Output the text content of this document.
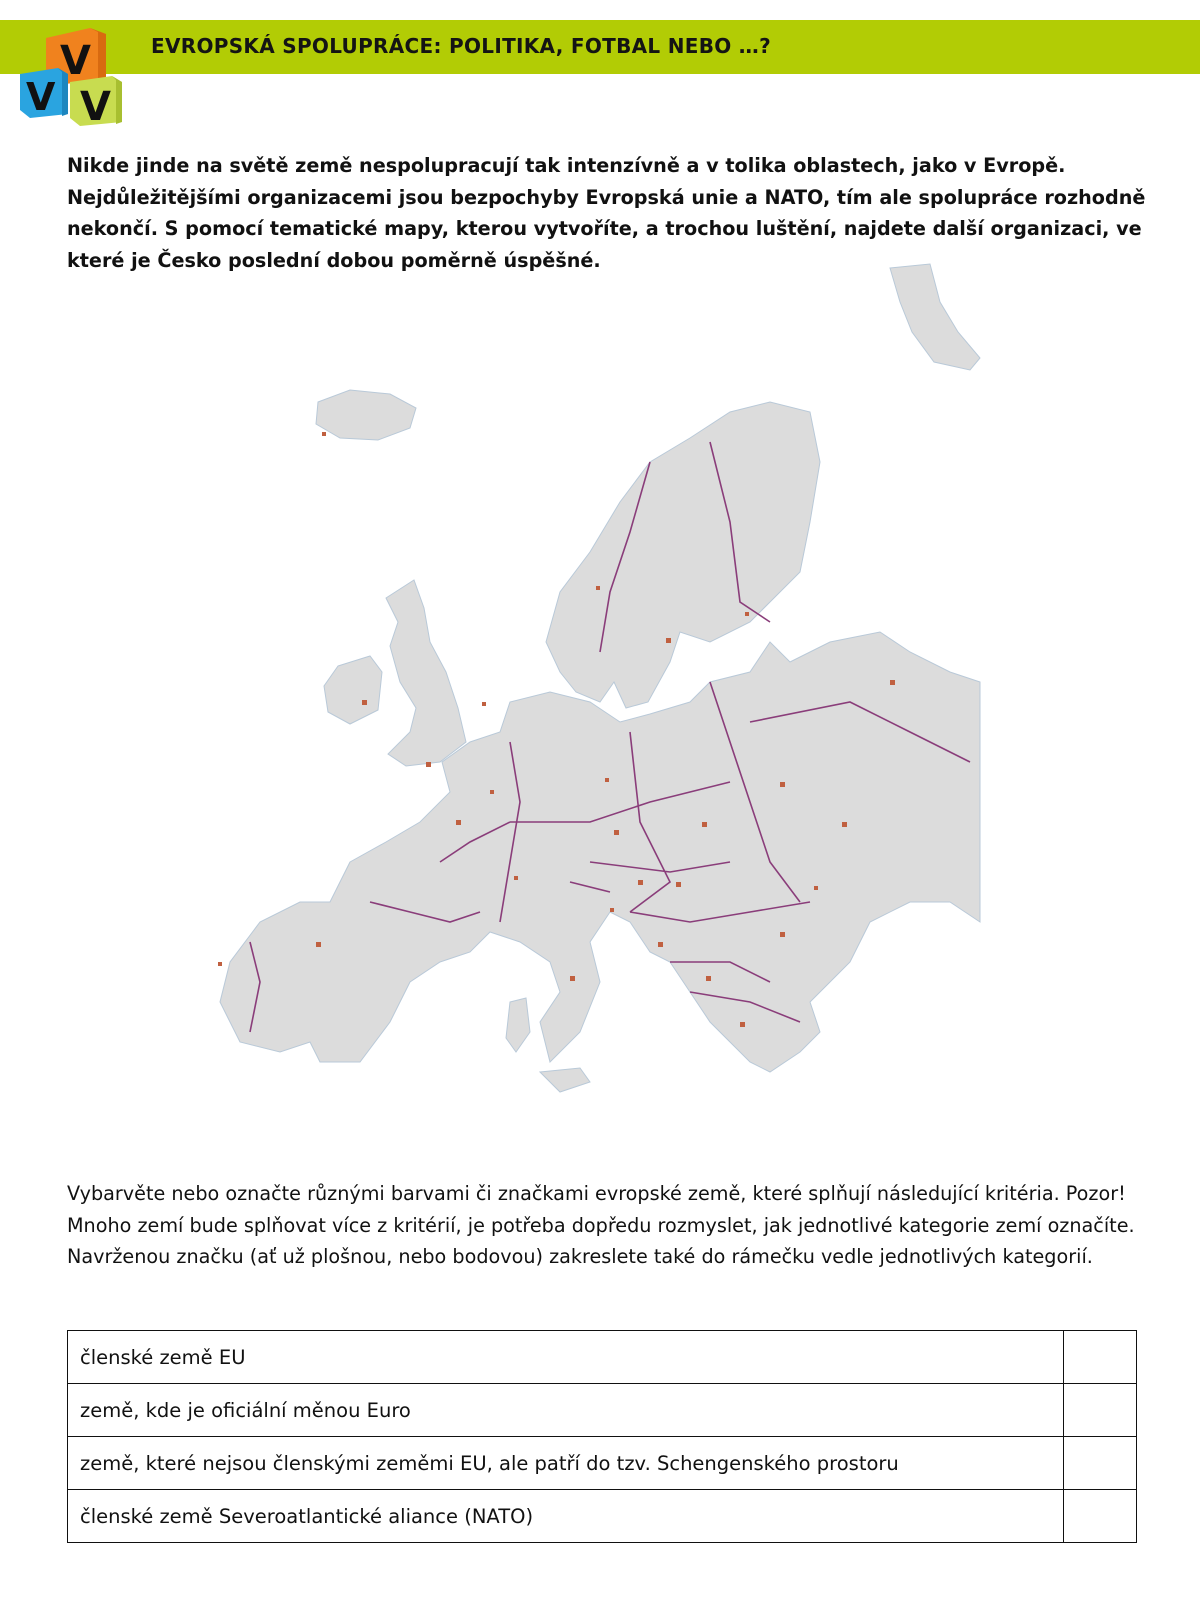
EVROPSKÁ SPOLUPRÁCE: POLITIKA, FOTBAL NEBO …?
V
V V
Nikde jinde na světě země nespolupracují tak intenzívně a v tolika oblastech, jako v Evropě. Nejdůležitějšími organizacemi jsou bezpochyby Evropská unie a NATO, tím ale spolupráce rozhodně nekončí. S pomocí tematické mapy, kterou vytvoříte, a trochou luštění, najdete další organizaci, ve které je Česko poslední dobou poměrně úspěšné.
Vybarvěte nebo označte různými barvami či značkami evropské země, které splňují následující kritéria. Pozor! Mnoho zemí bude splňovat více z kritérií, je potřeba dopředu rozmyslet, jak jednotlivé kategorie zemí označíte. Navrženou značku (ať už plošnou, nebo bodovou) zakreslete také do rámečku vedle jednotlivých kategorií.
členské země EU	
země, kde je oficiální měnou Euro	
země, které nejsou členskými zeměmi EU, ale patří do tzv. Schengenského prostoru	
členské země Severoatlantické aliance (NATO)	
